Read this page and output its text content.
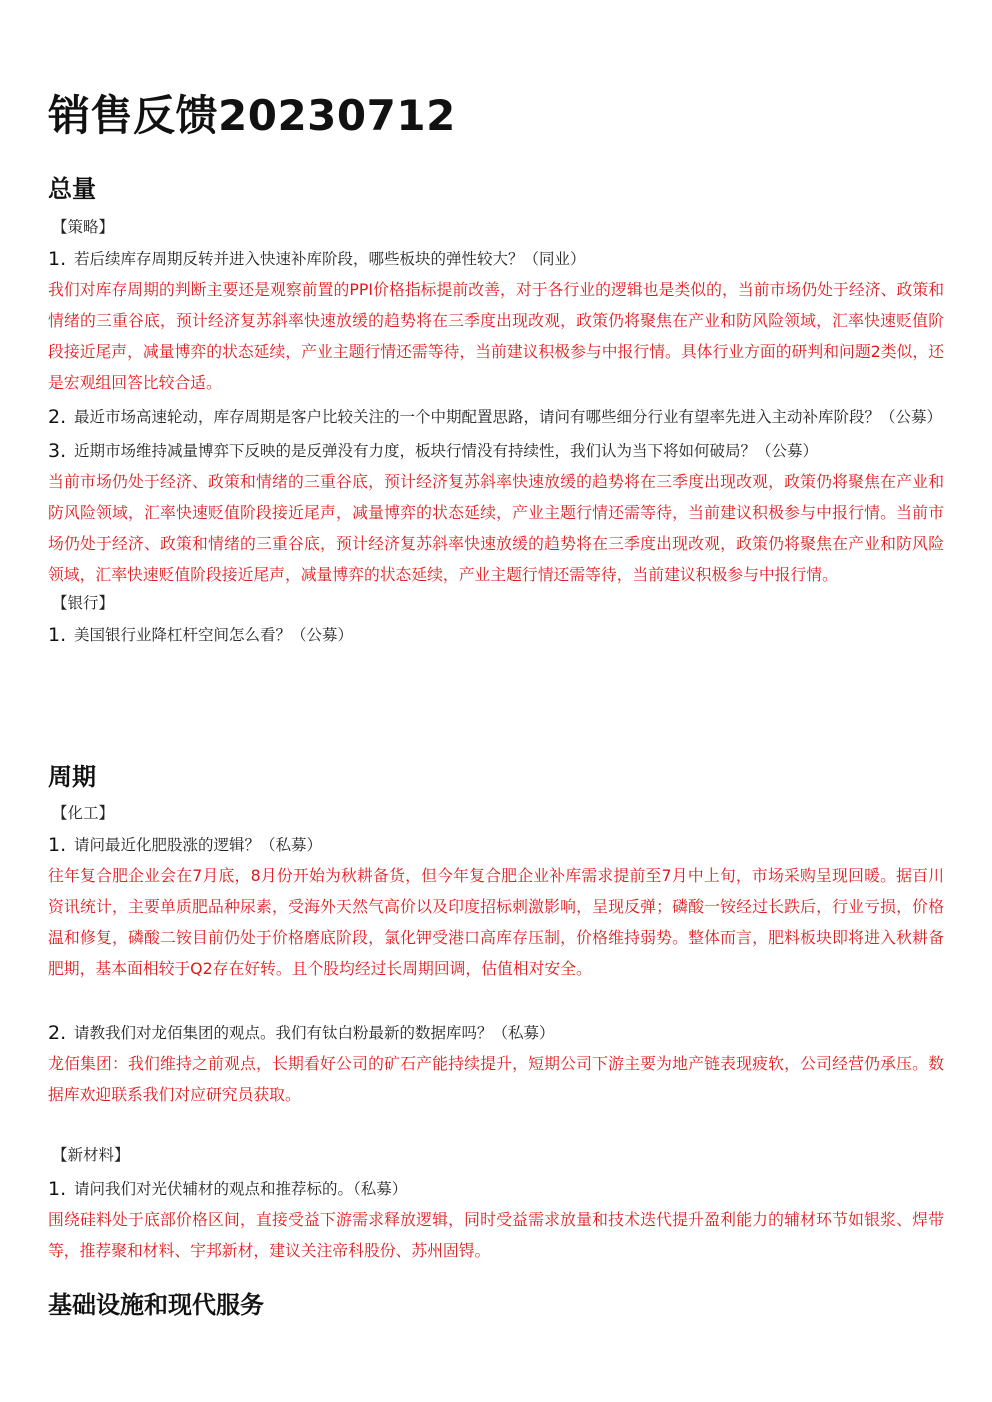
销售反馈20230712
总量
【策略】
1. 若后续库存周期反转并进入快速补库阶段，哪些板块的弹性较大？（同业）
我们对库存周期的判断主要还是观察前置的PPI价格指标提前改善，对于各行业的逻辑也是类似的，当前市场仍处于经济、政策和情绪的三重谷底，预计经济复苏斜率快速放缓的趋势将在三季度出现改观，政策仍将聚焦在产业和防风险领域，汇率快速贬值阶段接近尾声，减量博弈的状态延续，产业主题行情还需等待，当前建议积极参与中报行情。具体行业方面的研判和问题2类似，还是宏观组回答比较合适。
2. 最近市场高速轮动，库存周期是客户比较关注的一个中期配置思路，请问有哪些细分行业有望率先进入主动补库阶段？（公募）
3. 近期市场维持减量博弈下反映的是反弹没有力度，板块行情没有持续性，我们认为当下将如何破局？（公募）
当前市场仍处于经济、政策和情绪的三重谷底，预计经济复苏斜率快速放缓的趋势将在三季度出现改观，政策仍将聚焦在产业和防风险领域，汇率快速贬值阶段接近尾声，减量博弈的状态延续，产业主题行情还需等待，当前建议积极参与中报行情。当前市场仍处于经济、政策和情绪的三重谷底，预计经济复苏斜率快速放缓的趋势将在三季度出现改观，政策仍将聚焦在产业和防风险领域，汇率快速贬值阶段接近尾声，减量博弈的状态延续，产业主题行情还需等待，当前建议积极参与中报行情。
【银行】
1. 美国银行业降杠杆空间怎么看？（公募）
周期
【化工】
1. 请问最近化肥股涨的逻辑？（私募）
往年复合肥企业会在7月底，8月份开始为秋耕备货，但今年复合肥企业补库需求提前至7月中上旬，市场采购呈现回暖。据百川资讯统计，主要单质肥品种尿素，受海外天然气高价以及印度招标刺激影响，呈现反弹；磷酸一铵经过长跌后，行业亏损，价格温和修复，磷酸二铵目前仍处于价格磨底阶段，氯化钾受港口高库存压制，价格维持弱势。整体而言，肥料板块即将进入秋耕备肥期，基本面相较于Q2存在好转。且个股均经过长周期回调，估值相对安全。
2. 请教我们对龙佰集团的观点。我们有钛白粉最新的数据库吗？（私募）
龙佰集团：我们维持之前观点，长期看好公司的矿石产能持续提升，短期公司下游主要为地产链表现疲软，公司经营仍承压。数据库欢迎联系我们对应研究员获取。
【新材料】
1. 请问我们对光伏辅材的观点和推荐标的。（私募）
围绕硅料处于底部价格区间，直接受益下游需求释放逻辑，同时受益需求放量和技术迭代提升盈利能力的辅材环节如银浆、焊带等，推荐聚和材料、宇邦新材，建议关注帝科股份、苏州固锝。
基础设施和现代服务
